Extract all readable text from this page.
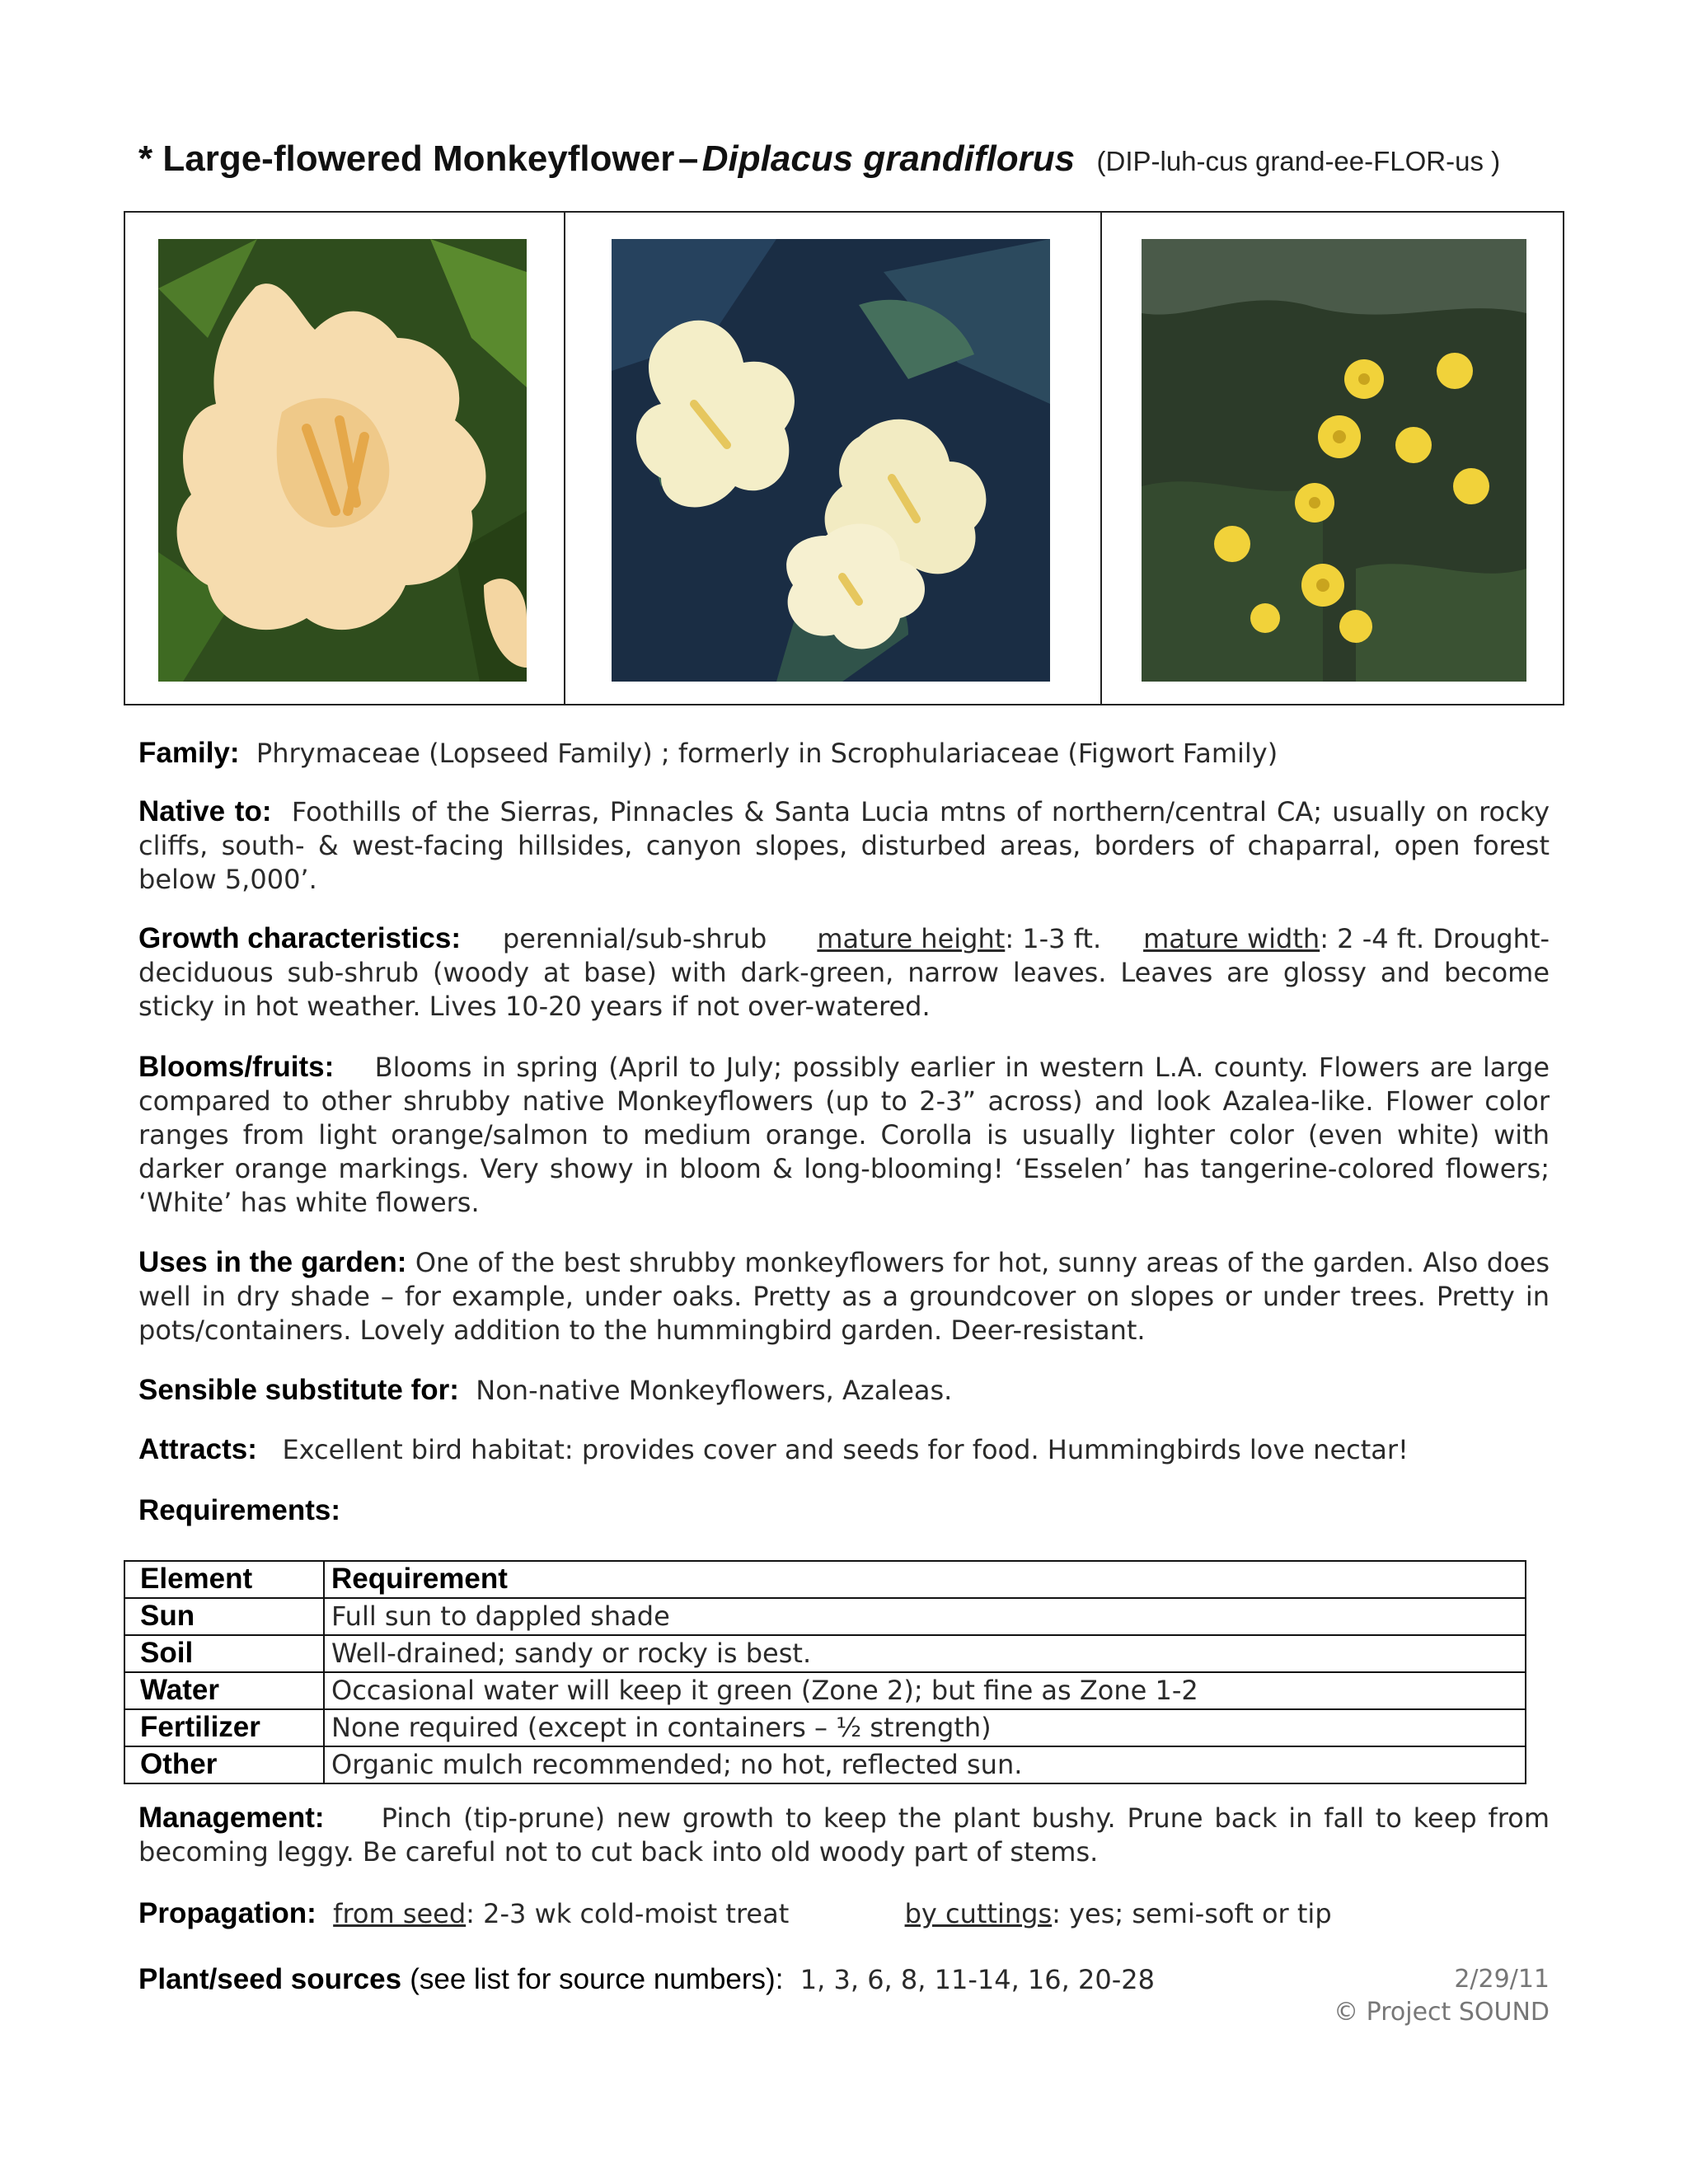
* Large-flowered Monkeyflower – Diplacus grandiflorus (DIP-luh-cus grand-ee-FLOR-us )

Family: Phrymaceae (Lopseed Family) ; formerly in Scrophulariaceae (Figwort Family)

Native to: Foothills of the Sierras, Pinnacles & Santa Lucia mtns of northern/central CA; usually on rocky cliffs, south- & west-facing hillsides, canyon slopes, disturbed areas, borders of chaparral, open forest below 5,000’.

Growth characteristics: perennial/sub-shrub mature height: 1-3 ft. mature width: 2 -4 ft. Drought-deciduous sub-shrub (woody at base) with dark-green, narrow leaves. Leaves are glossy and become sticky in hot weather. Lives 10-20 years if not over-watered.

Blooms/fruits: Blooms in spring (April to July; possibly earlier in western L.A. county. Flowers are large compared to other shrubby native Monkeyflowers (up to 2-3” across) and look Azalea-like. Flower color ranges from light orange/salmon to medium orange. Corolla is usually lighter color (even white) with darker orange markings. Very showy in bloom & long-blooming! ‘Esselen’ has tangerine-colored flowers; ‘White’ has white flowers.

Uses in the garden: One of the best shrubby monkeyflowers for hot, sunny areas of the garden. Also does well in dry shade – for example, under oaks. Pretty as a groundcover on slopes or under trees. Pretty in pots/containers. Lovely addition to the hummingbird garden. Deer-resistant.

Sensible substitute for: Non-native Monkeyflowers, Azaleas.

Attracts: Excellent bird habitat: provides cover and seeds for food. Hummingbirds love nectar!

Requirements:

Element	Requirement
Sun	Full sun to dappled shade
Soil	Well-drained; sandy or rocky is best.
Water	Occasional water will keep it green (Zone 2); but fine as Zone 1-2
Fertilizer	None required (except in containers – ½ strength)
Other	Organic mulch recommended; no hot, reflected sun.

Management: Pinch (tip-prune) new growth to keep the plant bushy. Prune back in fall to keep from becoming leggy. Be careful not to cut back into old woody part of stems.

Propagation: from seed: 2-3 wk cold-moist treat	by cuttings: yes; semi-soft or tip

Plant/seed sources (see list for source numbers): 1, 3, 6, 8, 11-14, 16, 20-28	2/29/11
© Project SOUND
